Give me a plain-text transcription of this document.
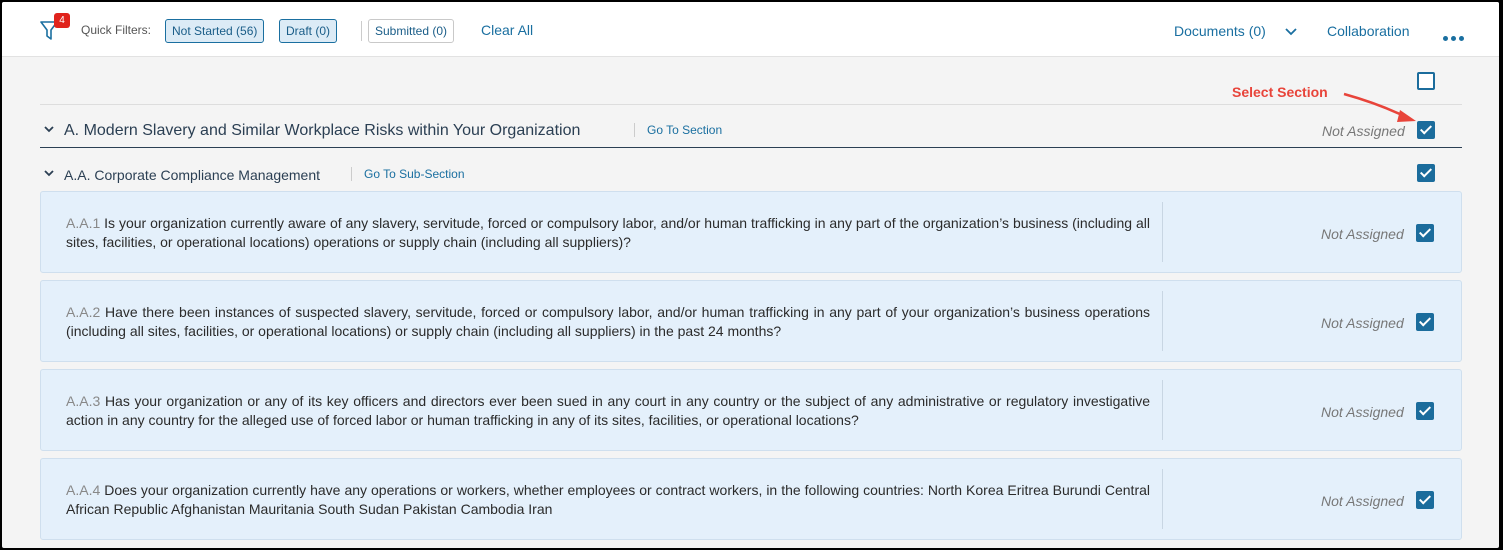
4
Quick Filters:	Not Started (56)	Draft (0)	Submitted (0)	Clear All	Documents (0)	Collaboration
Select Section
A. Modern Slavery and Similar Workplace Risks within Your Organization	Go To Section	Not Assigned
A.A. Corporate Compliance Management	Go To Sub-Section
A.A.1 Is your organization currently aware of any slavery, servitude, forced or compulsory labor, and/or human trafficking in any part of the organization’s business (including all sites, facilities, or operational locations) operations or supply chain (including all suppliers)?	Not Assigned
A.A.2 Have there been instances of suspected slavery, servitude, forced or compulsory labor, and/or human trafficking in any part of your organization’s business operations (including all sites, facilities, or operational locations) or supply chain (including all suppliers) in the past 24 months?	Not Assigned
A.A.3 Has your organization or any of its key officers and directors ever been sued in any court in any country or the subject of any administrative or regulatory investigative action in any country for the alleged use of forced labor or human trafficking in any of its sites, facilities, or operational locations?	Not Assigned
A.A.4 Does your organization currently have any operations or workers, whether employees or contract workers, in the following countries: North Korea Eritrea Burundi Central African Republic Afghanistan Mauritania South Sudan Pakistan Cambodia Iran	Not Assigned
